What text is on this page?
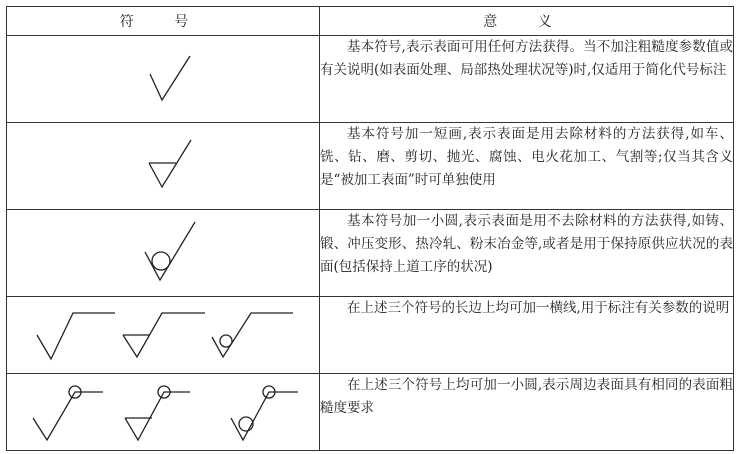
符 号	意 义

基本符号,表示表面可用任何方法获得。当不加注粗糙度参数值或有关说明(如表面处理、局部热处理状况等)时,仅适用于简化代号标注

基本符号加一短画,表示表面是用去除材料的方法获得,如车、铣、钻、磨、剪切、抛光、腐蚀、电火花加工、气割等;仅当其含义是“被加工表面”时可单独使用

基本符号加一小圆,表示表面是用不去除材料的方法获得,如铸、锻、冲压变形、热冷轧、粉末冶金等,或者是用于保持原供应状况的表面(包括保持上道工序的状况)

在上述三个符号的长边上均可加一横线,用于标注有关参数的说明

在上述三个符号上均可加一小圆,表示周边表面具有相同的表面粗糙度要求
